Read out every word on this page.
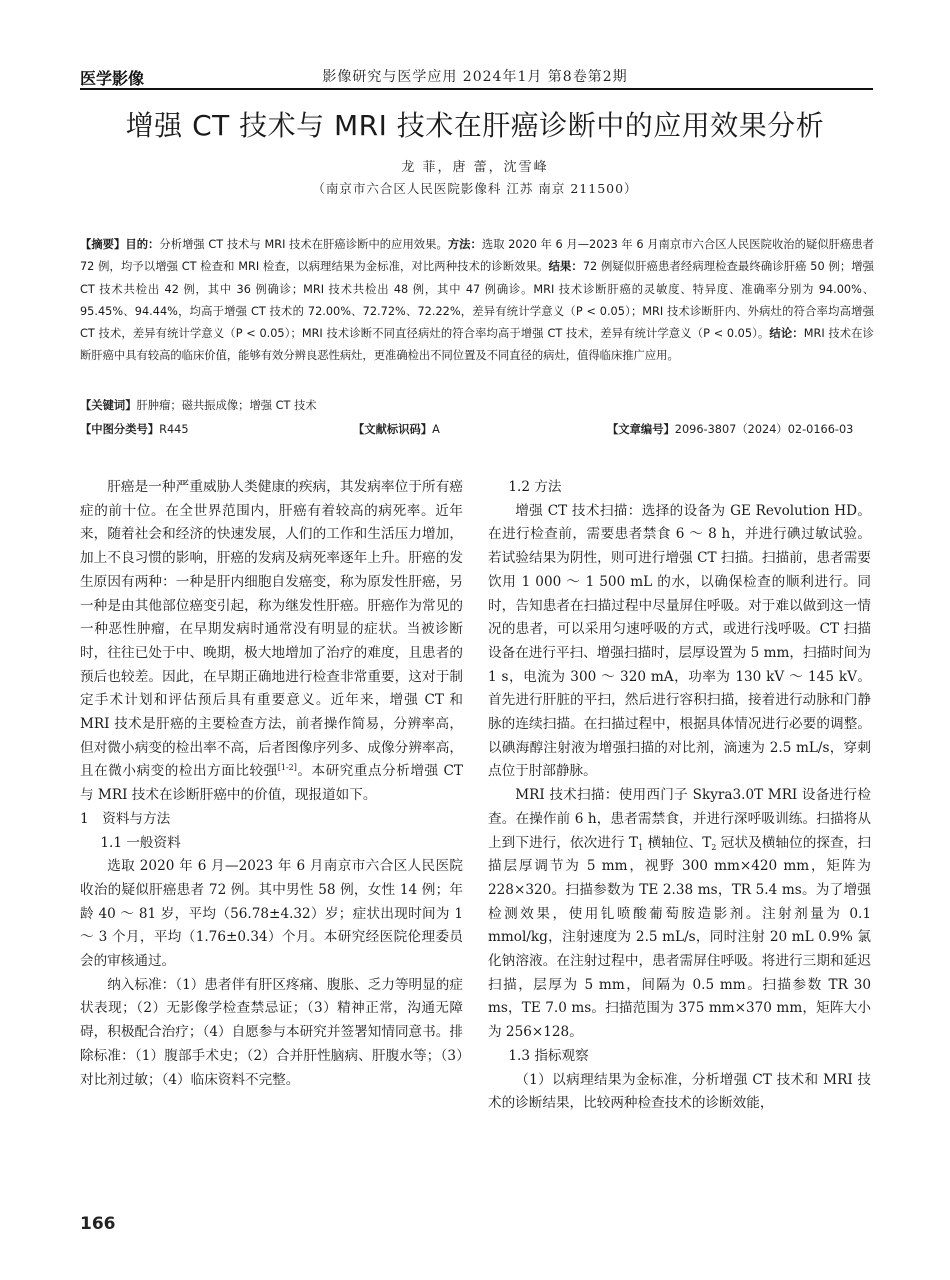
医学影像	影像研究与医学应用 2024年1月 第8卷第2期
增强 CT 技术与 MRI 技术在肝癌诊断中的应用效果分析
龙 菲，唐 蕾，沈雪峰
（南京市六合区人民医院影像科 江苏 南京 211500）
【摘要】目的：分析增强 CT 技术与 MRI 技术在肝癌诊断中的应用效果。方法：选取 2020 年 6 月—2023 年 6 月南京市六合区人民医院收治的疑似肝癌患者 72 例，均予以增强 CT 检查和 MRI 检查，以病理结果为金标准，对比两种技术的诊断效果。结果：72 例疑似肝癌患者经病理检查最终确诊肝癌 50 例；增强 CT 技术共检出 42 例，其中 36 例确诊；MRI 技术共检出 48 例，其中 47 例确诊。MRI 技术诊断肝癌的灵敏度、特异度、准确率分别为 94.00%、95.45%、94.44%，均高于增强 CT 技术的 72.00%、72.72%、72.22%，差异有统计学意义（P < 0.05）；MRI 技术诊断肝内、外病灶的符合率均高增强 CT 技术，差异有统计学意义（P < 0.05）；MRI 技术诊断不同直径病灶的符合率均高于增强 CT 技术，差异有统计学意义（P < 0.05）。结论：MRI 技术在诊断肝癌中具有较高的临床价值，能够有效分辨良恶性病灶，更准确检出不同位置及不同直径的病灶，值得临床推广应用。
【关键词】肝肿瘤；磁共振成像；增强 CT 技术
【中图分类号】R445	【文献标识码】A	【文章编号】2096-3807（2024）02-0166-03

肝癌是一种严重威胁人类健康的疾病，其发病率位于所有癌症的前十位。在全世界范围内，肝癌有着较高的病死率。近年来，随着社会和经济的快速发展，人们的工作和生活压力增加，加上不良习惯的影响，肝癌的发病及病死率逐年上升。肝癌的发生原因有两种：一种是肝内细胞自发癌变，称为原发性肝癌，另一种是由其他部位癌变引起，称为继发性肝癌。肝癌作为常见的一种恶性肿瘤，在早期发病时通常没有明显的症状。当被诊断时，往往已处于中、晚期，极大地增加了治疗的难度，且患者的预后也较差。因此，在早期正确地进行检查非常重要，这对于制定手术计划和评估预后具有重要意义。近年来，增强 CT 和 MRI 技术是肝癌的主要检查方法，前者操作简易，分辨率高，但对微小病变的检出率不高，后者图像序列多、成像分辨率高，且在微小病变的检出方面比较强[1-2]。本研究重点分析增强 CT 与 MRI 技术在诊断肝癌中的价值，现报道如下。

1　资料与方法

1.1 一般资料

选取 2020 年 6 月—2023 年 6 月南京市六合区人民医院收治的疑似肝癌患者 72 例。其中男性 58 例，女性 14 例；年龄 40 ～ 81 岁，平均（56.78±4.32）岁；症状出现时间为 1 ～ 3 个月，平均（1.76±0.34）个月。本研究经医院伦理委员会的审核通过。

纳入标准：（1）患者伴有肝区疼痛、腹胀、乏力等明显的症状表现；（2）无影像学检查禁忌证；（3）精神正常，沟通无障碍，积极配合治疗；（4）自愿参与本研究并签署知情同意书。排除标准：（1）腹部手术史；（2）合并肝性脑病、肝腹水等；（3）对比剂过敏；（4）临床资料不完整。

1.2 方法

增强 CT 技术扫描：选择的设备为 GE Revolution HD。在进行检查前，需要患者禁食 6 ～ 8 h，并进行碘过敏试验。若试验结果为阴性，则可进行增强 CT 扫描。扫描前，患者需要饮用 1 000 ～ 1 500 mL 的水，以确保检查的顺利进行。同时，告知患者在扫描过程中尽量屏住呼吸。对于难以做到这一情况的患者，可以采用匀速呼吸的方式，或进行浅呼吸。CT 扫描设备在进行平扫、增强扫描时，层厚设置为 5 mm，扫描时间为 1 s，电流为 300 ～ 320 mA，功率为 130 kV ～ 145 kV。首先进行肝脏的平扫，然后进行容积扫描，接着进行动脉和门静脉的连续扫描。在扫描过程中，根据具体情况进行必要的调整。以碘海醇注射液为增强扫描的对比剂，滴速为 2.5 mL/s，穿刺点位于肘部静脉。

MRI 技术扫描：使用西门子 Skyra3.0T MRI 设备进行检查。在操作前 6 h，患者需禁食，并进行深呼吸训练。扫描将从上到下进行，依次进行 $T_1$ 横轴位、$T_2$ 冠状及横轴位的探查，扫描层厚调节为 5 mm，视野 300 mm×420 mm，矩阵为 228×320。扫描参数为 TE 2.38 ms，TR 5.4 ms。为了增强检测效果，使用钆喷酸葡萄胺造影剂。注射剂量为 0.1 mmol/kg，注射速度为 2.5 mL/s，同时注射 20 mL 0.9% 氯化钠溶液。在注射过程中，患者需屏住呼吸。将进行三期和延迟扫描，层厚为 5 mm，间隔为 0.5 mm。扫描参数 TR 30 ms，TE 7.0 ms。扫描范围为 375 mm×370 mm，矩阵大小为 256×128。

1.3 指标观察

（1）以病理结果为金标准，分析增强 CT 技术和 MRI 技术的诊断结果，比较两种检查技术的诊断效能，

166
